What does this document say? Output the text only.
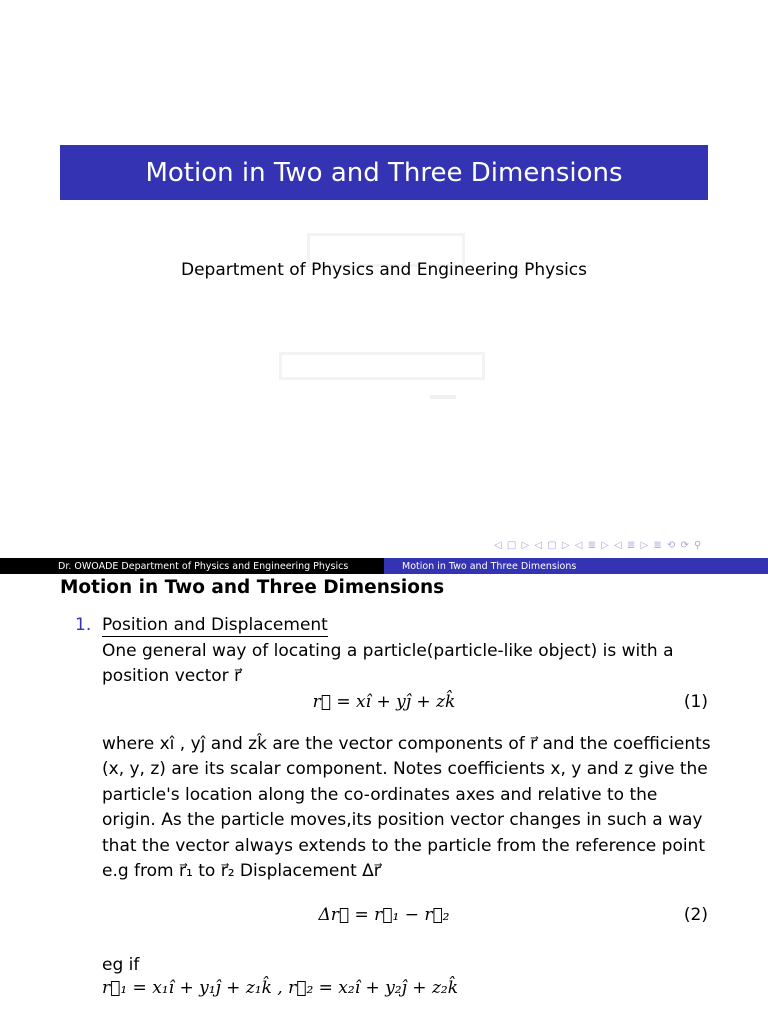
Motion in Two and Three Dimensions
Department of Physics and Engineering Physics
◁ □ ▷ ◁ ▢ ▷ ◁ ≣ ▷ ◁ ≣ ▷ ≣ ⟲ ⟳ ⚲
Dr. OWOADE Department of Physics and Engineering Physics	Motion in Two and Three Dimensions
Motion in Two and Three Dimensions
1. Position and Displacement
One general way of locating a particle(particle-like object) is with a position vector r⃗
r⃗ = xî + yĵ + zk̂	(1)
where xî , yĵ and zk̂ are the vector components of r⃗ and the coefficients (x, y, z) are its scalar component. Notes coefficients x, y and z give the particle's location along the co-ordinates axes and relative to the origin. As the particle moves,its position vector changes in such a way that the vector always extends to the particle from the reference point e.g from r⃗₁ to r⃗₂ Displacement Δr⃗
Δr⃗ = r⃗₁ − r⃗₂	(2)
eg if
r⃗₁ = x₁î + y₁ĵ + z₁k̂ , r⃗₂ = x₂î + y₂ĵ + z₂k̂
